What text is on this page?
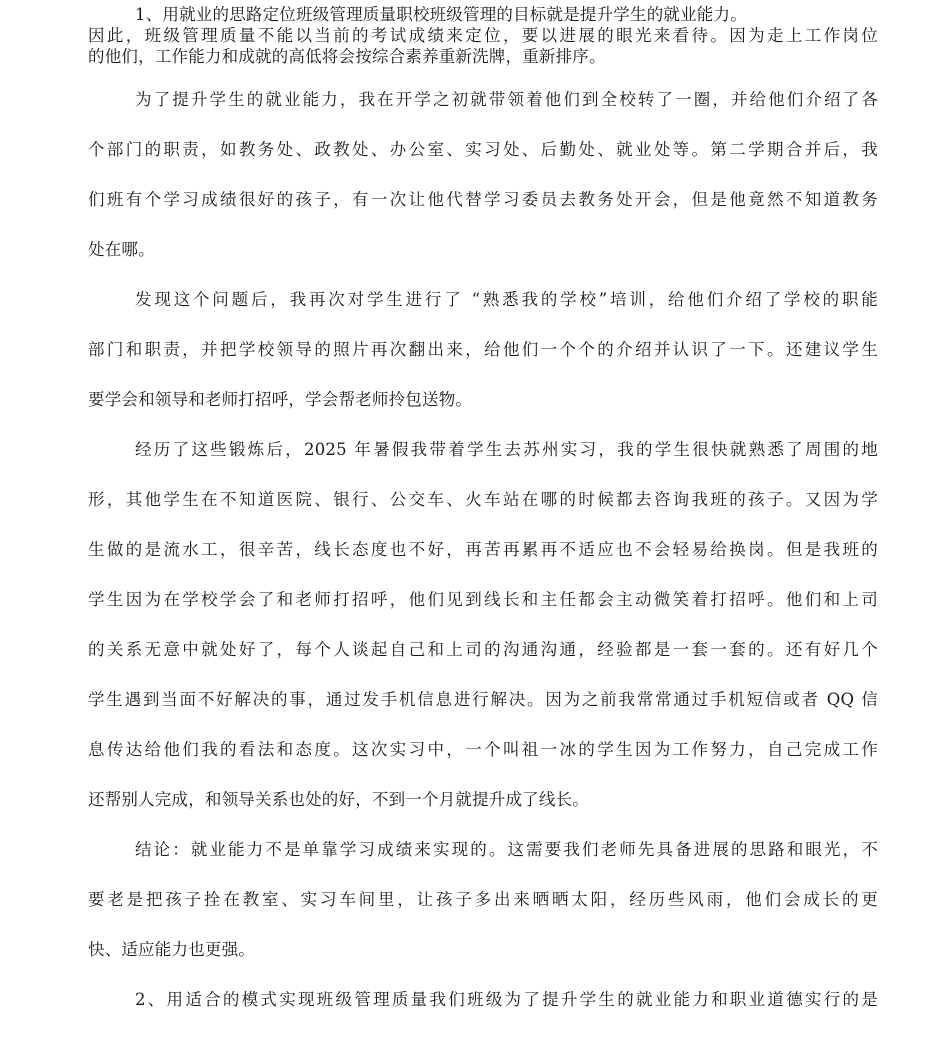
1、用就业的思路定位班级管理质量职校班级管理的目标就是提升学生的就业能力。
因此，班级管理质量不能以当前的考试成绩来定位，要以进展的眼光来看待。因为走上工作岗位
的他们，工作能力和成就的高低将会按综合素养重新洗牌，重新排序。
为了提升学生的就业能力，我在开学之初就带领着他们到全校转了一圈，并给他们介绍了各
个部门的职责，如教务处、政教处、办公室、实习处、后勤处、就业处等。第二学期合并后，我
们班有个学习成绩很好的孩子，有一次让他代替学习委员去教务处开会，但是他竟然不知道教务
处在哪。
发现这个问题后，我再次对学生进行了 “熟悉我的学校”培训，给他们介绍了学校的职能
部门和职责，并把学校领导的照片再次翻出来，给他们一个个的介绍并认识了一下。还建议学生
要学会和领导和老师打招呼，学会帮老师拎包送物。
经历了这些锻炼后，2025 年暑假我带着学生去苏州实习，我的学生很快就熟悉了周围的地
形，其他学生在不知道医院、银行、公交车、火车站在哪的时候都去咨询我班的孩子。又因为学
生做的是流水工，很辛苦，线长态度也不好，再苦再累再不适应也不会轻易给换岗。但是我班的
学生因为在学校学会了和老师打招呼，他们见到线长和主任都会主动微笑着打招呼。他们和上司
的关系无意中就处好了，每个人谈起自己和上司的沟通沟通，经验都是一套一套的。还有好几个
学生遇到当面不好解决的事，通过发手机信息进行解决。因为之前我常常通过手机短信或者 QQ 信
息传达给他们我的看法和态度。这次实习中，一个叫祖一冰的学生因为工作努力，自己完成工作
还帮别人完成，和领导关系也处的好，不到一个月就提升成了线长。
结论：就业能力不是单靠学习成绩来实现的。这需要我们老师先具备进展的思路和眼光，不
要老是把孩子拴在教室、实习车间里，让孩子多出来晒晒太阳，经历些风雨，他们会成长的更
快、适应能力也更强。
2、用适合的模式实现班级管理质量我们班级为了提升学生的就业能力和职业道德实行的是
